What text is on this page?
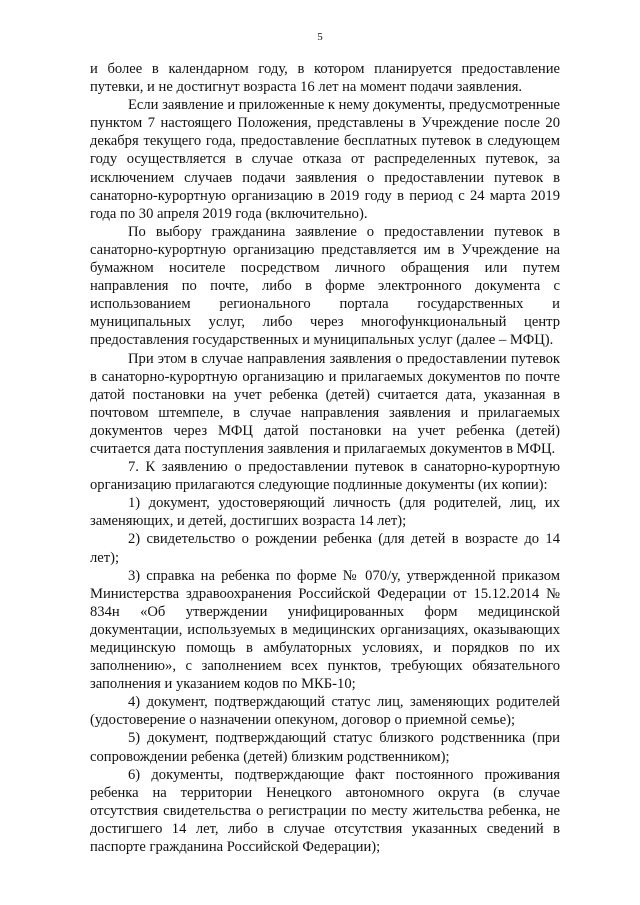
5

и более в календарном году, в котором планируется предоставление путевки, и не достигнут возраста 16 лет на момент подачи заявления.

Если заявление и приложенные к нему документы, предусмотренные пунктом 7 настоящего Положения, представлены в Учреждение после 20 декабря текущего года, предоставление бесплатных путевок в следующем году осуществляется в случае отказа от распределенных путевок, за исключением случаев подачи заявления о предоставлении путевок в санаторно-курортную организацию в 2019 году в период с 24 марта 2019 года по 30 апреля 2019 года (включительно).

По выбору гражданина заявление о предоставлении путевок в санаторно-курортную организацию представляется им в Учреждение на бумажном носителе посредством личного обращения или путем направления по почте, либо в форме электронного документа с использованием регионального портала государственных и муниципальных услуг, либо через многофункциональный центр предоставления государственных и муниципальных услуг (далее – МФЦ).

При этом в случае направления заявления о предоставлении путевок в санаторно-курортную организацию и прилагаемых документов по почте датой постановки на учет ребенка (детей) считается дата, указанная в почтовом штемпеле, в случае направления заявления и прилагаемых документов через МФЦ датой постановки на учет ребенка (детей) считается дата поступления заявления и прилагаемых документов в МФЦ.

7. К заявлению о предоставлении путевок в санаторно-курортную организацию прилагаются следующие подлинные документы (их копии):

1) документ, удостоверяющий личность (для родителей, лиц, их заменяющих, и детей, достигших возраста 14 лет);

2) свидетельство о рождении ребенка (для детей в возрасте до 14 лет);

3) справка на ребенка по форме № 070/у, утвержденной приказом Министерства здравоохранения Российской Федерации от 15.12.2014 № 834н «Об утверждении унифицированных форм медицинской документации, используемых в медицинских организациях, оказывающих медицинскую помощь в амбулаторных условиях, и порядков по их заполнению», с заполнением всех пунктов, требующих обязательного заполнения и указанием кодов по МКБ-10;

4) документ, подтверждающий статус лиц, заменяющих родителей (удостоверение о назначении опекуном, договор о приемной семье);

5) документ, подтверждающий статус близкого родственника (при сопровождении ребенка (детей) близким родственником);

6) документы, подтверждающие факт постоянного проживания ребенка на территории Ненецкого автономного округа (в случае отсутствия свидетельства о регистрации по месту жительства ребенка, не достигшего 14 лет, либо в случае отсутствия указанных сведений в паспорте гражданина Российской Федерации);
